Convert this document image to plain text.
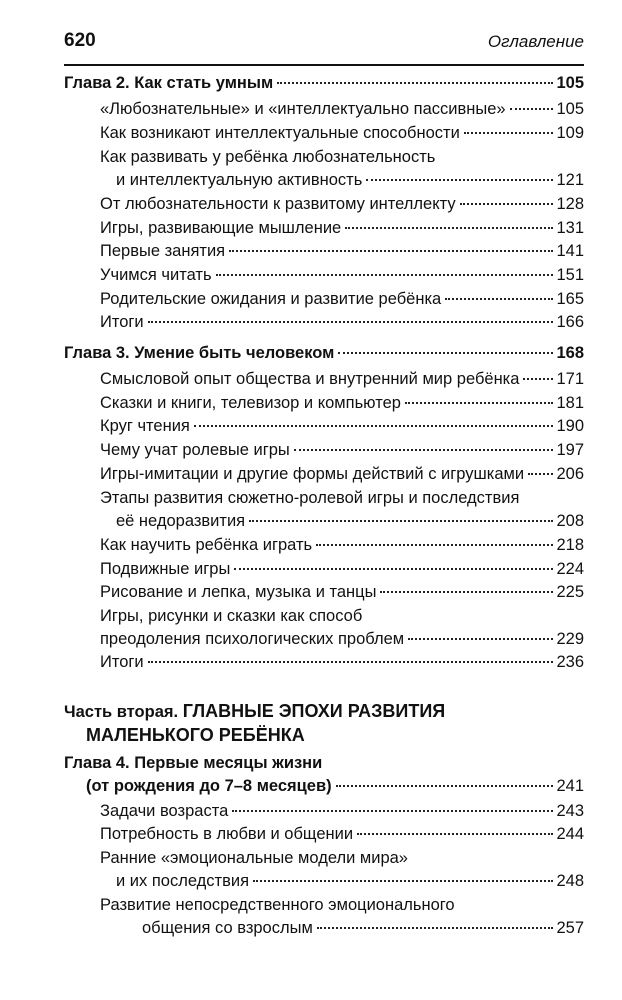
620	Оглавление
Глава 2. Как стать умным	105
«Любознательные» и «интеллектуально пассивные»	105
Как возникают интеллектуальные способности	109
Как развивать у ребёнка любознательность
и интеллектуальную активность	121
От любознательности к развитому интеллекту	128
Игры, развивающие мышление	131
Первые занятия	141
Учимся читать	151
Родительские ожидания и развитие ребёнка	165
Итоги	166
Глава 3. Умение быть человеком	168
Смысловой опыт общества и внутренний мир ребёнка 171
Сказки и книги, телевизор и компьютер	181
Круг чтения	190
Чему учат ролевые игры	197
Игры-имитации и другие формы действий с игрушками 206
Этапы развития сюжетно-ролевой игры и последствия
её недоразвития	208
Как научить ребёнка играть	218
Подвижные игры	224
Рисование и лепка, музыка и танцы	225
Игры, рисунки и сказки как способ
преодоления психологических проблем	229
Итоги	236
Часть вторая. ГЛАВНЫЕ ЭПОХИ РАЗВИТИЯ
МАЛЕНЬКОГО РЕБЁНКА
Глава 4. Первые месяцы жизни
(от рождения до 7–8 месяцев)	241
Задачи возраста	243
Потребность в любви и общении	244
Ранние «эмоциональные модели мира»
и их последствия	248
Развитие непосредственного эмоционального
общения со взрослым	257
